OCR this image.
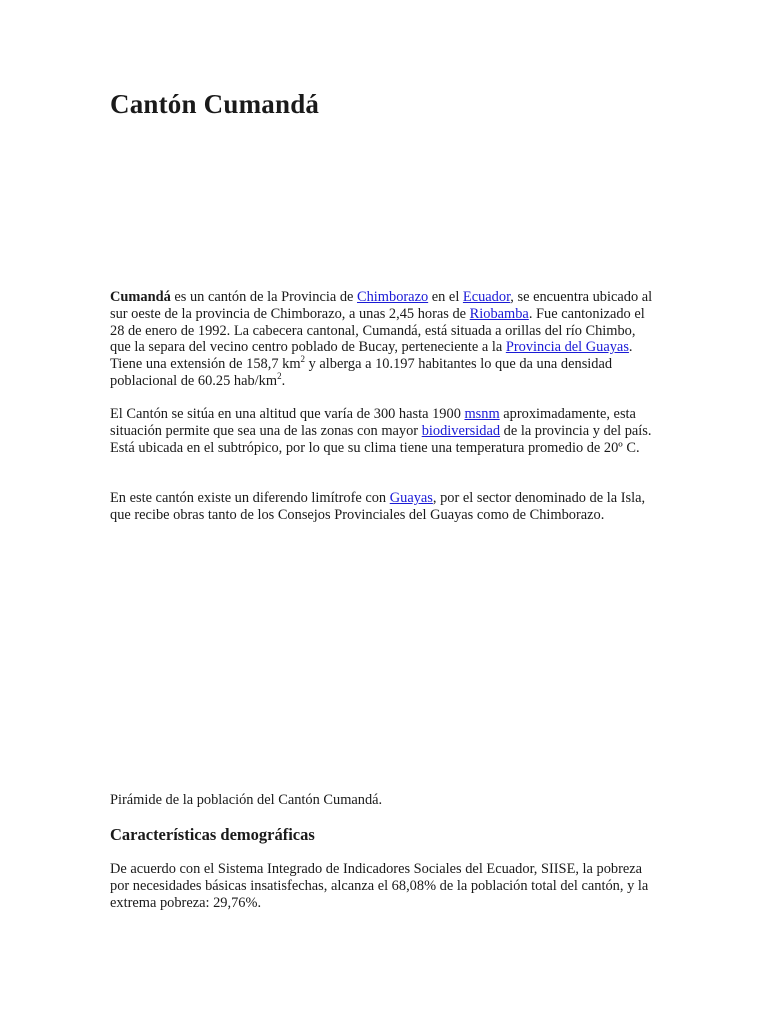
Cantón Cumandá

Cumandá es un cantón de la Provincia de Chimborazo en el Ecuador, se encuentra ubicado al sur oeste de la provincia de Chimborazo, a unas 2,45 horas de Riobamba. Fue cantonizado el 28 de enero de 1992. La cabecera cantonal, Cumandá, está situada a orillas del río Chimbo, que la separa del vecino centro poblado de Bucay, perteneciente a la Provincia del Guayas. Tiene una extensión de 158,7 $km^2$ y alberga a 10.197 habitantes lo que da una densidad poblacional de 60.25 hab/$km^2$.

El Cantón se sitúa en una altitud que varía de 300 hasta 1900 msnm aproximadamente, esta situación permite que sea una de las zonas con mayor biodiversidad de la provincia y del país. Está ubicada en el subtrópico, por lo que su clima tiene una temperatura promedio de 20º C.

En este cantón existe un diferendo limítrofe con Guayas, por el sector denominado de la Isla, que recibe obras tanto de los Consejos Provinciales del Guayas como de Chimborazo.

Pirámide de la población del Cantón Cumandá.

Características demográficas

De acuerdo con el Sistema Integrado de Indicadores Sociales del Ecuador, SIISE, la pobreza por necesidades básicas insatisfechas, alcanza el 68,08% de la población total del cantón, y la extrema pobreza: 29,76%.
